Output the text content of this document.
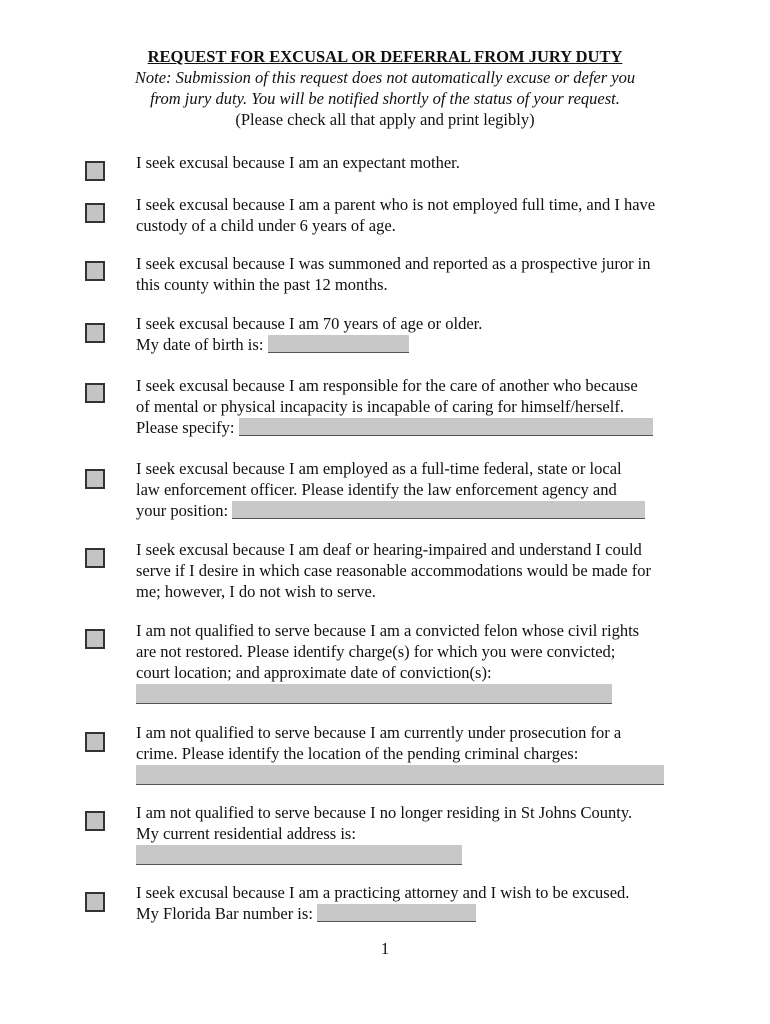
REQUEST FOR EXCUSAL OR DEFERRAL FROM JURY DUTY
Note: Submission of this request does not automatically excuse or defer you
from jury duty. You will be notified shortly of the status of your request.
(Please check all that apply and print legibly)
I seek excusal because I am an expectant mother.
I seek excusal because I am a parent who is not employed full time, and I have
custody of a child under 6 years of age.
I seek excusal because I was summoned and reported as a prospective juror in
this county within the past 12 months.
I seek excusal because I am 70 years of age or older.
My date of birth is:
I seek excusal because I am responsible for the care of another who because
of mental or physical incapacity is incapable of caring for himself/herself.
Please specify:
I seek excusal because I am employed as a full-time federal, state or local
law enforcement officer. Please identify the law enforcement agency and
your position:
I seek excusal because I am deaf or hearing-impaired and understand I could
serve if I desire in which case reasonable accommodations would be made for
me; however, I do not wish to serve.
I am not qualified to serve because I am a convicted felon whose civil rights
are not restored. Please identify charge(s) for which you were convicted;
court location; and approximate date of conviction(s):
I am not qualified to serve because I am currently under prosecution for a
crime. Please identify the location of the pending criminal charges:
I am not qualified to serve because I no longer residing in St Johns County.
My current residential address is:
I seek excusal because I am a practicing attorney and I wish to be excused.
My Florida Bar number is:
1
